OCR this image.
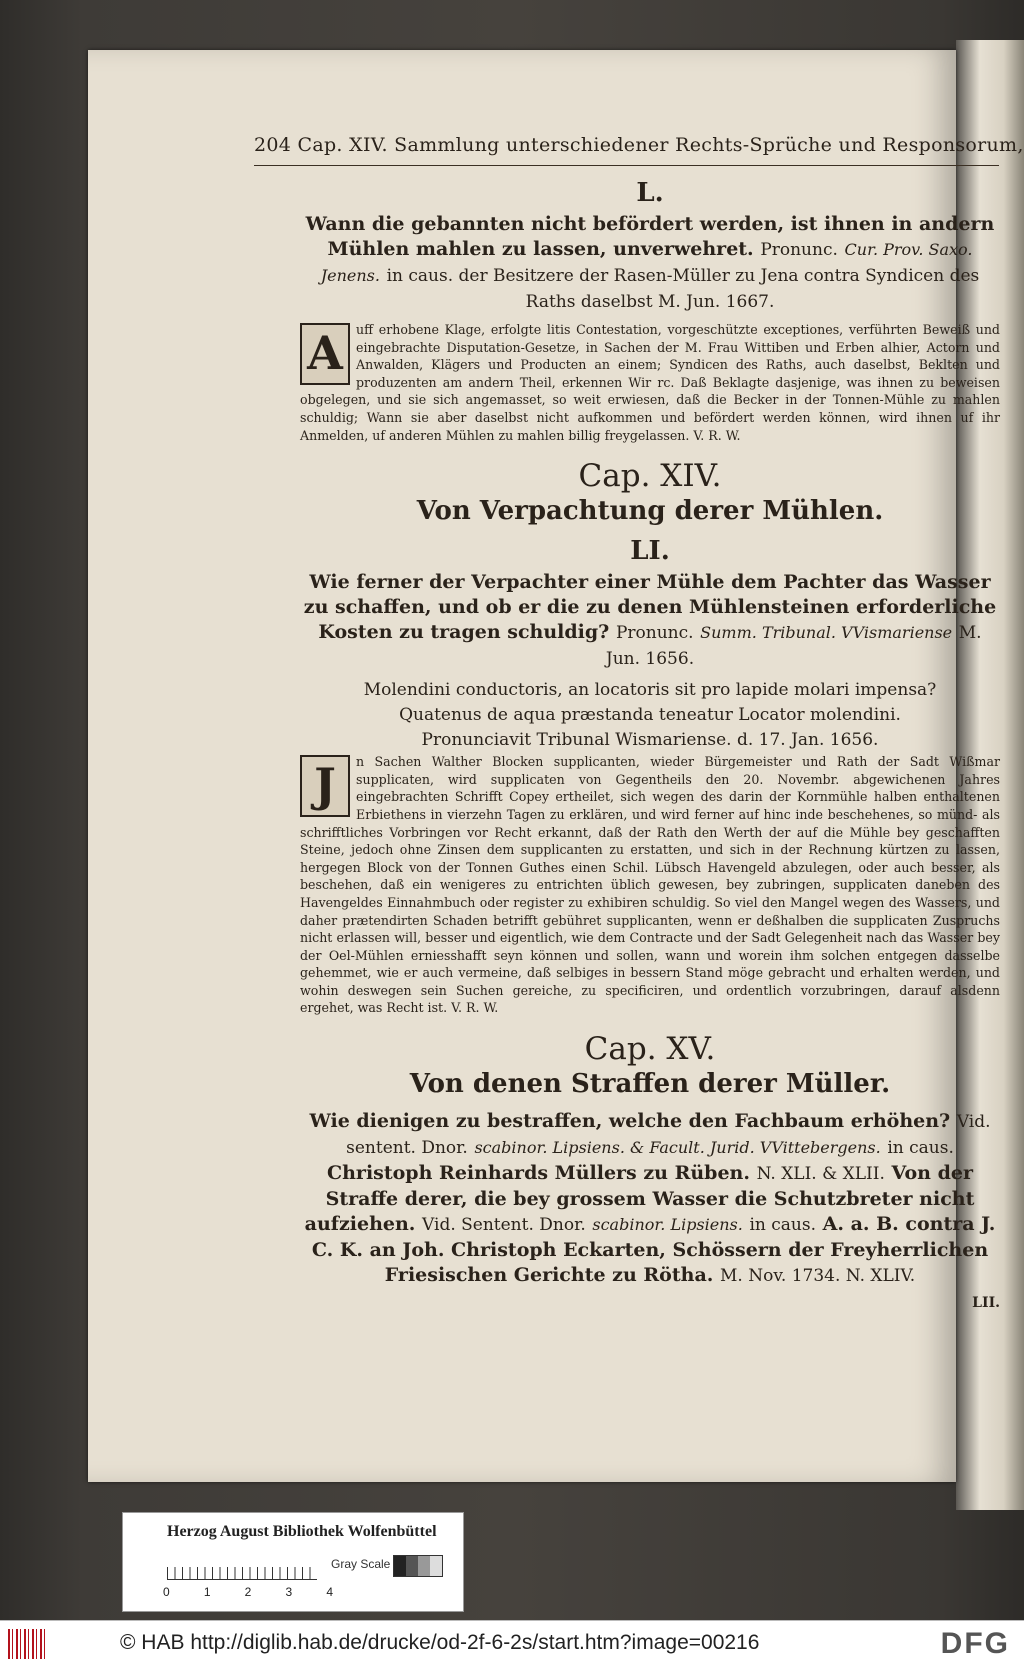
204 Cap. XIV. Sammlung unterschiedener Rechts-Sprüche und Responsorum,
L.
Wann die gebannten nicht befördert werden, ist ihnen in andern Mühlen mahlen zu lassen, unverwehret. Pronunc. Cur. Prov. Saxo. Jenens. in caus. der Besitzere der Rasen-Müller zu Jena contra Syndicen des Raths daselbst M. Jun. 1667.
A	uff erhobene Klage, erfolgte litis Contestation, vorgeschützte exceptiones, verführten Beweiß und eingebrachte Disputation-Gesetze, in Sachen der M. Frau Wittiben und Erben alhier, Actorn und Anwalden, Klägers und Producten an einem; Syndicen des Raths, auch daselbst, Beklten und produzenten am andern Theil, erkennen Wir rc. Daß Beklagte dasjenige, was ihnen zu beweisen obgelegen, und sie sich angemasset, so weit erwiesen, daß die Becker in der Tonnen-Mühle zu mahlen schuldig; Wann sie aber daselbst nicht aufkommen und befördert werden können, wird ihnen uf ihr Anmelden, uf anderen Mühlen zu mahlen billig freygelassen. V. R. W.
Cap. XIV.
Von Verpachtung derer Mühlen.
LI.
Wie ferner der Verpachter einer Mühle dem Pachter das Wasser zu schaffen, und ob er die zu denen Mühlensteinen erforderliche Kosten zu tragen schuldig? Pronunc. Summ. Tribunal. VVismariense M. Jun. 1656.
Molendini conductoris, an locatoris sit pro lapide molari impensa?
Quatenus de aqua præstanda teneatur Locator molendini.
Pronunciavit Tribunal Wismariense. d. 17. Jan. 1656.
J	n Sachen Walther Blocken supplicanten, wieder Bürgemeister und Rath der Sadt Wißmar supplicaten, wird supplicaten von Gegentheils den 20. Novembr. abgewichenen Jahres eingebrachten Schrifft Copey ertheilet, sich wegen des darin der Kornmühle halben enthaltenen Erbiethens in vierzehn Tagen zu erklären, und wird ferner auf hinc inde beschehenes, so münd- als schrifftliches Vorbringen vor Recht erkannt, daß der Rath den Werth der auf die Mühle bey geschafften Steine, jedoch ohne Zinsen dem supplicanten zu erstatten, und sich in der Rechnung kürtzen zu lassen, hergegen Block von der Tonnen Guthes einen Schil. Lübsch Havengeld abzulegen, oder auch besser, als beschehen, daß ein wenigeres zu entrichten üblich gewesen, bey zubringen, supplicaten daneben des Havengeldes Einnahmbuch oder register zu exhibiren schuldig. So viel den Mangel wegen des Wassers, und daher prætendirten Schaden betrifft gebühret supplicanten, wenn er deßhalben die supplicaten Zuspruchs nicht erlassen will, besser und eigentlich, wie dem Contracte und der Sadt Gelegenheit nach das Wasser bey der Oel-Mühlen erniesshafft seyn können und sollen, wann und worein ihm solchen entgegen dasselbe gehemmet, wie er auch vermeine, daß selbiges in bessern Stand möge gebracht und erhalten werden, und wohin deswegen sein Suchen gereiche, zu specificiren, und ordentlich vorzubringen, darauf alsdenn ergehet, was Recht ist. V. R. W.
Cap. XV.
Von denen Straffen derer Müller.
Wie dienigen zu bestraffen, welche den Fachbaum erhöhen? Vid. sentent. Dnor. scabinor. Lipsiens. & Facult. Jurid. VVittebergens. in caus. Christoph Reinhards Müllers zu Rüben. N. XLI. & XLII. Von der Straffe derer, die bey grossem Wasser die Schutzbreter nicht aufziehen. Vid. Sentent. Dnor. scabinor. Lipsiens. in caus. A. a. B. contra J. C. K. an Joh. Christoph Eckarten, Schössern der Freyherrlichen Friesischen Gerichte zu Rötha. M. Nov. 1734. N. XLIV.
LII.
Herzog August Bibliothek Wolfenbüttel
Gray Scale
0	1	2	3	4
© HAB http://diglib.hab.de/drucke/od-2f-6-2s/start.htm?image=00216	DFG
